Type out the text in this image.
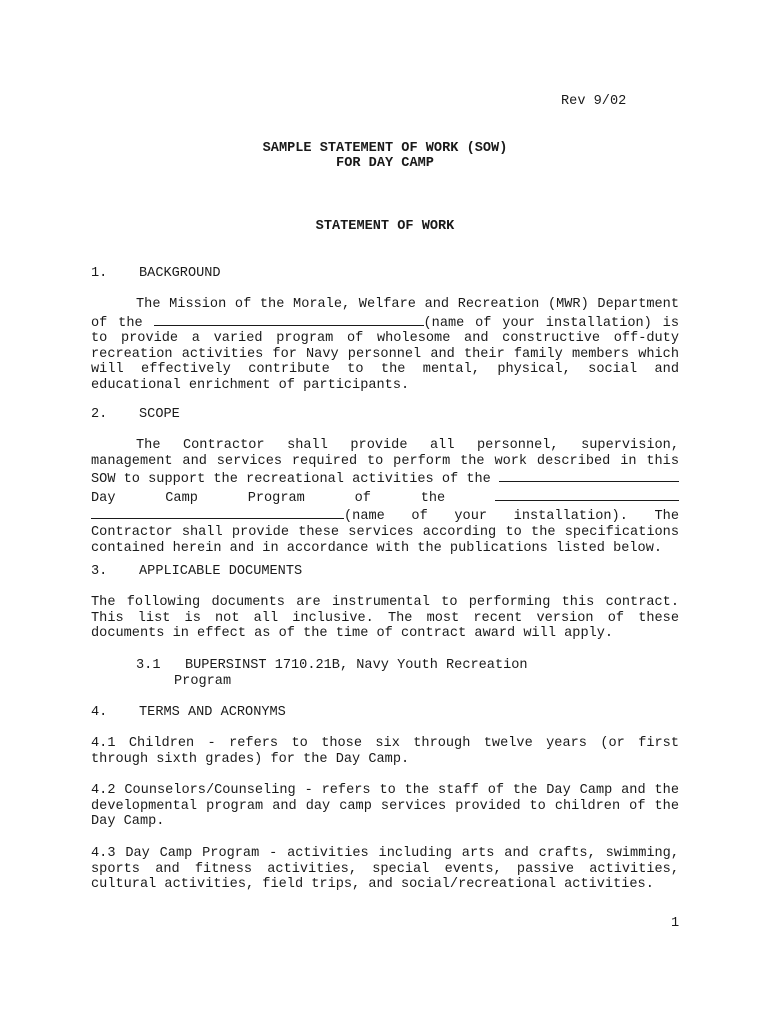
Rev 9/02
SAMPLE STATEMENT OF WORK (SOW)
FOR DAY CAMP
STATEMENT OF WORK
1. BACKGROUND
The Mission of the Morale, Welfare and Recreation (MWR) Department of the	(name of your installation) is to provide a varied program of wholesome and constructive off-duty recreation activities for Navy personnel and their family members which will effectively contribute to the mental, physical, social and educational enrichment of participants.
2. SCOPE
The Contractor shall provide all personnel, supervision, management and services required to perform the work described in this SOW to support the recreational activities of the  Day Camp Program of the  (name of your installation). The Contractor shall provide these services according to the specifications contained herein and in accordance with the publications listed below.
3. APPLICABLE DOCUMENTS
The following documents are instrumental to performing this contract. This list is not all inclusive. The most recent version of these documents in effect as of the time of contract award will apply.
3.1 BUPERSINST 1710.21B, Navy Youth Recreation
Program
4. TERMS AND ACRONYMS
4.1 Children - refers to those six through twelve years (or first through sixth grades) for the Day Camp.
4.2 Counselors/Counseling - refers to the staff of the Day Camp and the developmental program and day camp services provided to children of the Day Camp.
4.3 Day Camp Program - activities including arts and crafts, swimming, sports and fitness activities, special events, passive activities, cultural activities, field trips, and social/recreational activities.
1
